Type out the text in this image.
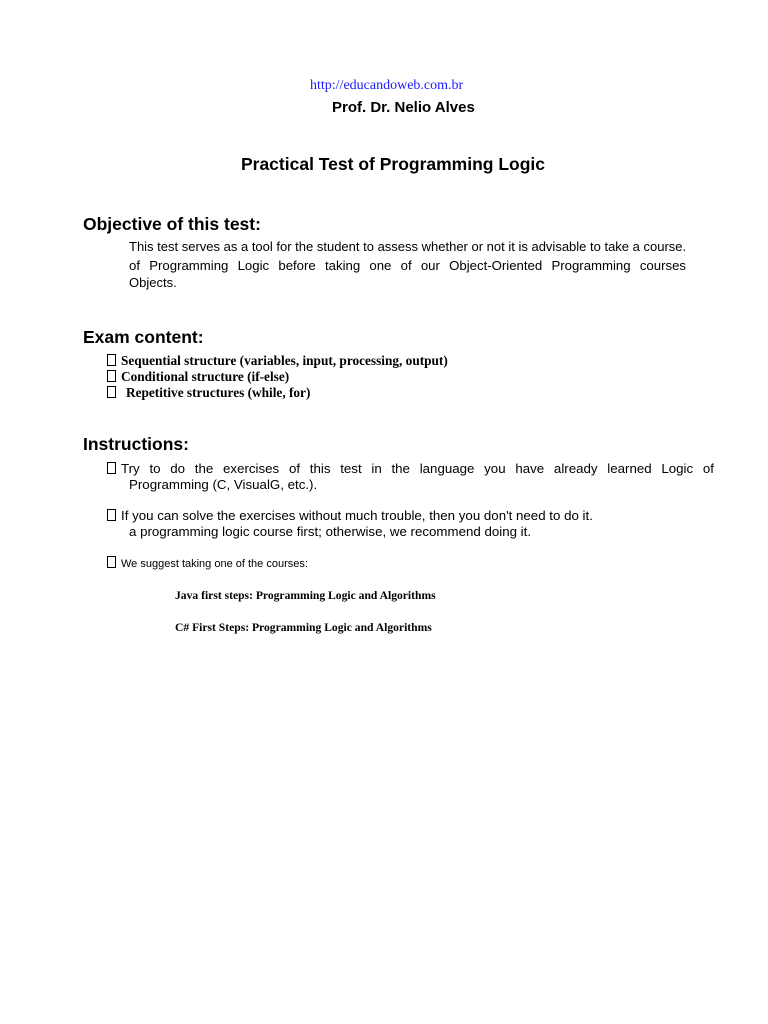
http://educandoweb.com.br
Prof. Dr. Nelio Alves
Practical Test of Programming Logic
Objective of this test:
This test serves as a tool for the student to assess whether or not it is advisable to take a course.
of Programming Logic before taking one of our Object-Oriented Programming courses
Objects.
Exam content:
Sequential structure (variables, input, processing, output)
Conditional structure (if-else)
Repetitive structures (while, for)
Instructions:
Try to do the exercises of this test in the language you have already learned Logic of
Programming (C, VisualG, etc.).
If you can solve the exercises without much trouble, then you don't need to do it.
a programming logic course first; otherwise, we recommend doing it.
We suggest taking one of the courses:
Java first steps: Programming Logic and Algorithms
C# First Steps: Programming Logic and Algorithms
